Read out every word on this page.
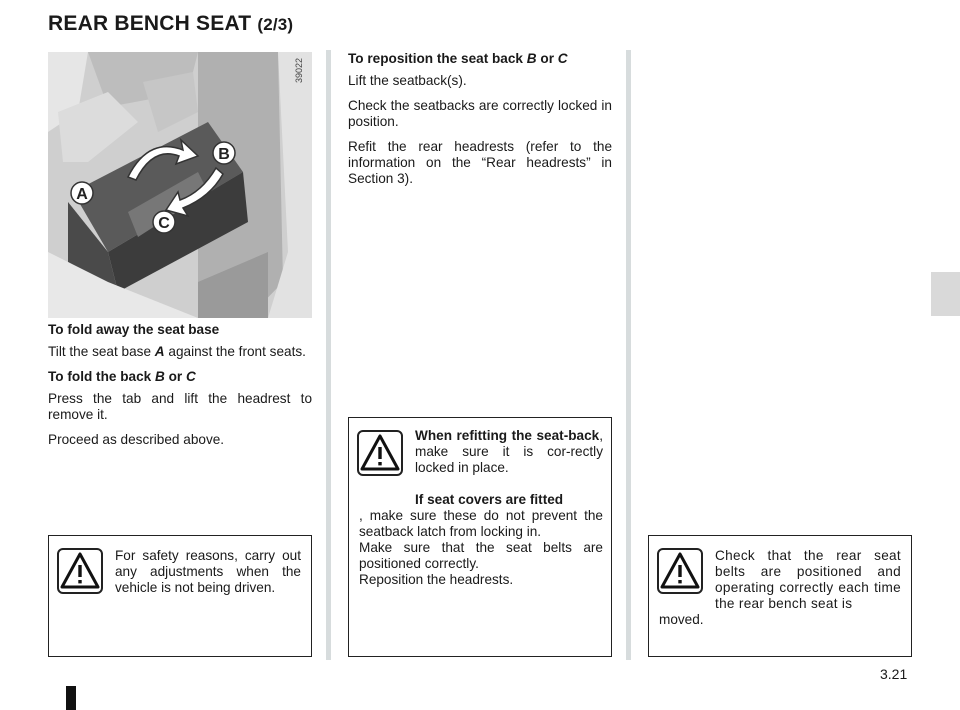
REAR BENCH SEAT (2/3)
B
A
C
39022
To fold away the seat base

Tilt the seat base A against the front seats.

To fold the back B or C

Press the tab and lift the headrest to remove it.

Proceed as described above.

To reposition the seat back B or C

Lift the seatback(s).

Check the seatbacks are correctly locked in position.

Refit the rear headrests (refer to the information on the “Rear headrests” in Section 3).

For safety reasons, carry out any adjustments when the vehicle is not being driven.
When refitting the seat-back, make sure it is cor-rectly locked in place.
If seat covers are fitted
, make sure these do not prevent the seatback latch from locking in.
Make sure that the seat belts are positioned correctly.
Reposition the headrests.
Check that the rear seat belts are positioned and operating correctly each time the rear bench seat is
moved.
3.21
